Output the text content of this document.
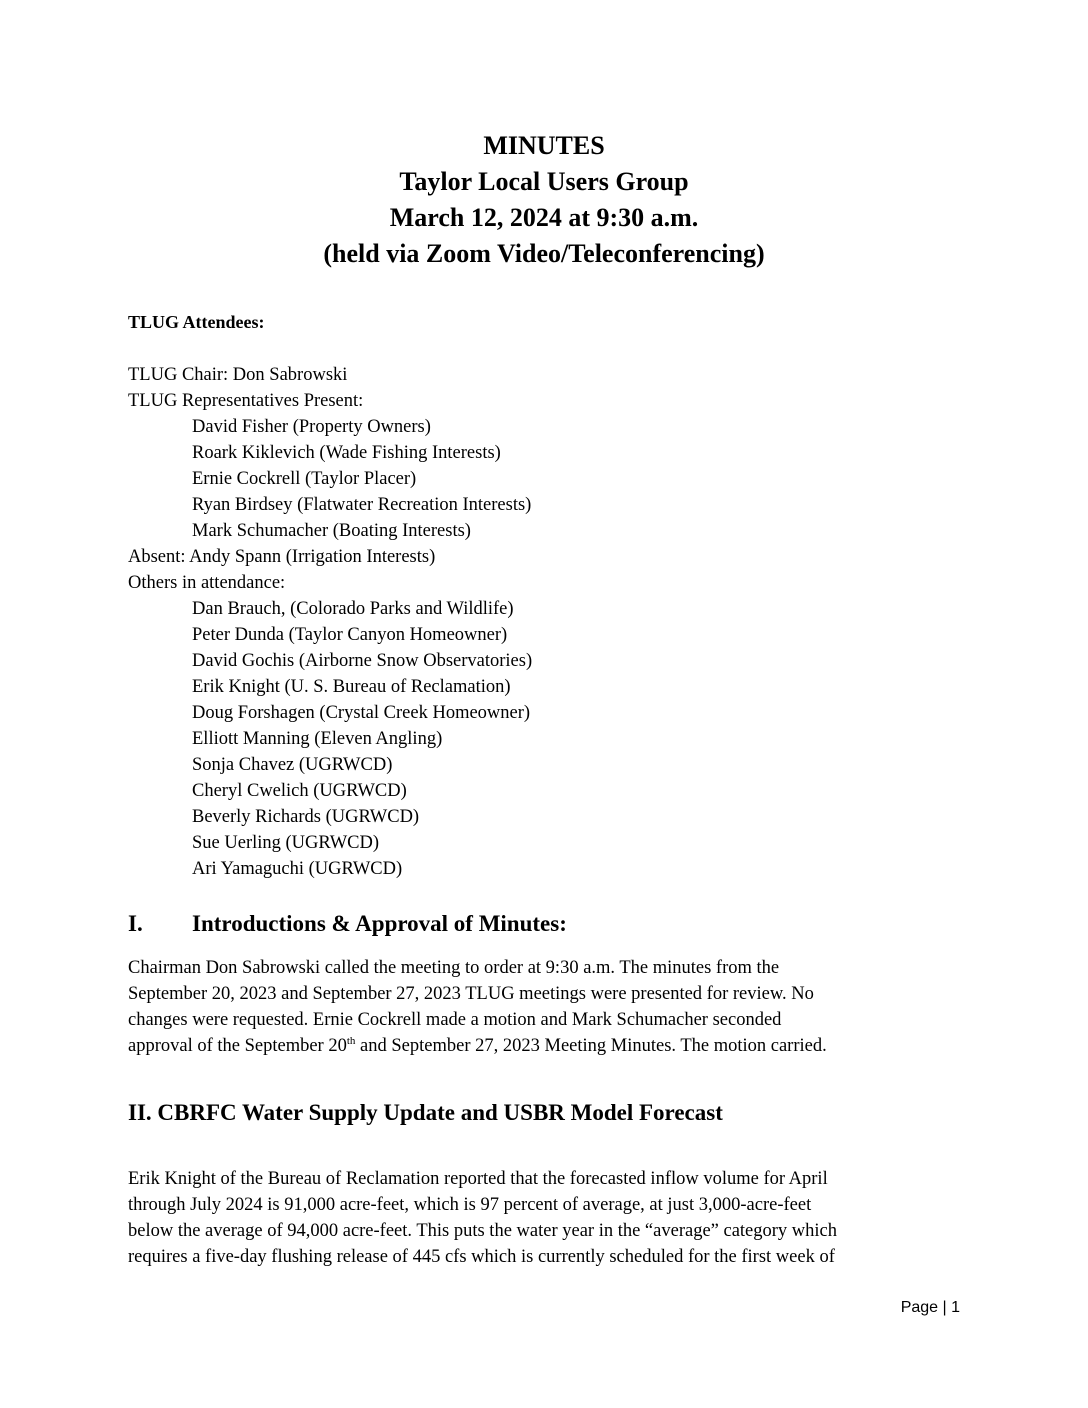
MINUTES
Taylor Local Users Group
March 12, 2024 at 9:30 a.m.
(held via Zoom Video/Teleconferencing)
TLUG Attendees:
TLUG Chair: Don Sabrowski
TLUG Representatives Present:
David Fisher (Property Owners)
Roark Kiklevich (Wade Fishing Interests)
Ernie Cockrell (Taylor Placer)
Ryan Birdsey (Flatwater Recreation Interests)
Mark Schumacher (Boating Interests)
Absent: Andy Spann (Irrigation Interests)
Others in attendance:
Dan Brauch, (Colorado Parks and Wildlife)
Peter Dunda (Taylor Canyon Homeowner)
David Gochis (Airborne Snow Observatories)
Erik Knight (U. S. Bureau of Reclamation)
Doug Forshagen (Crystal Creek Homeowner)
Elliott Manning (Eleven Angling)
Sonja Chavez (UGRWCD)
Cheryl Cwelich (UGRWCD)
Beverly Richards (UGRWCD)
Sue Uerling (UGRWCD)
Ari Yamaguchi (UGRWCD)
I. Introductions & Approval of Minutes:
Chairman Don Sabrowski called the meeting to order at 9:30 a.m. The minutes from the
September 20, 2023 and September 27, 2023 TLUG meetings were presented for review. No
changes were requested. Ernie Cockrell made a motion and Mark Schumacher seconded
approval of the September 20th and September 27, 2023 Meeting Minutes. The motion carried.
II. CBRFC Water Supply Update and USBR Model Forecast
Erik Knight of the Bureau of Reclamation reported that the forecasted inflow volume for April
through July 2024 is 91,000 acre-feet, which is 97 percent of average, at just 3,000-acre-feet
below the average of 94,000 acre-feet. This puts the water year in the “average” category which
requires a five-day flushing release of 445 cfs which is currently scheduled for the first week of
Page | 1
